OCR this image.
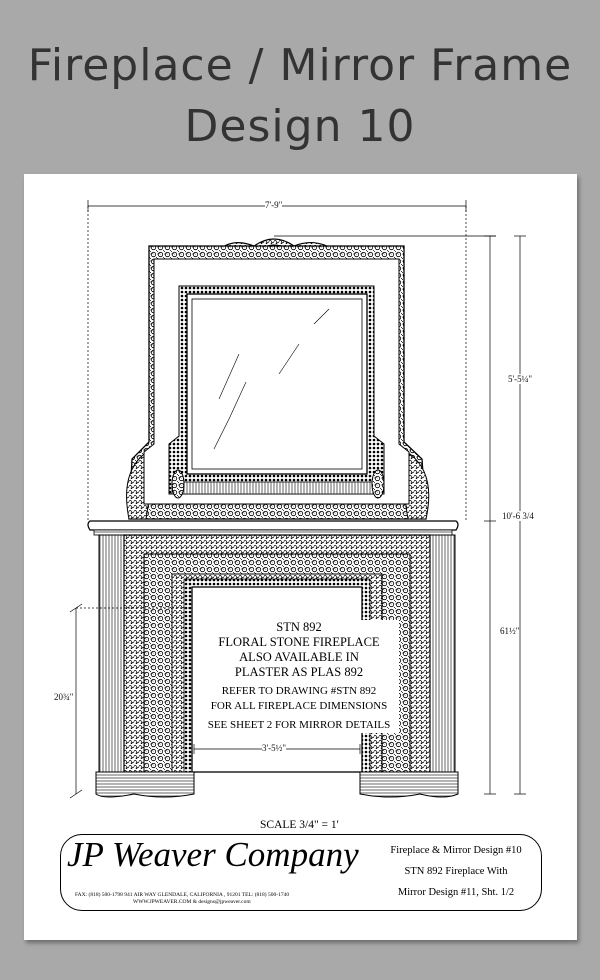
Fireplace / Mirror Frame
Design 10
7'-9"
5'-5¼"
10'-6 3/4
61½"
20¾"
3'-5½"
STN 892
FLORAL STONE FIREPLACE
ALSO AVAILABLE IN
PLASTER AS PLAS 892
REFER TO DRAWING #STN 892
FOR ALL FIREPLACE DIMENSIONS
SEE SHEET 2 FOR MIRROR DETAILS
SCALE 3/4" = 1'
JP Weaver Company
FAX: (818) 500-1798 941 AIR WAY GLENDALE, CALIFORNIA , 91201 TEL: (818) 500-1740
WWW.JPWEAVER.COM & designs@jpweaver.com
Fireplace & Mirror Design #10
STN 892 Fireplace With
Mirror Design #11, Sht. 1/2
